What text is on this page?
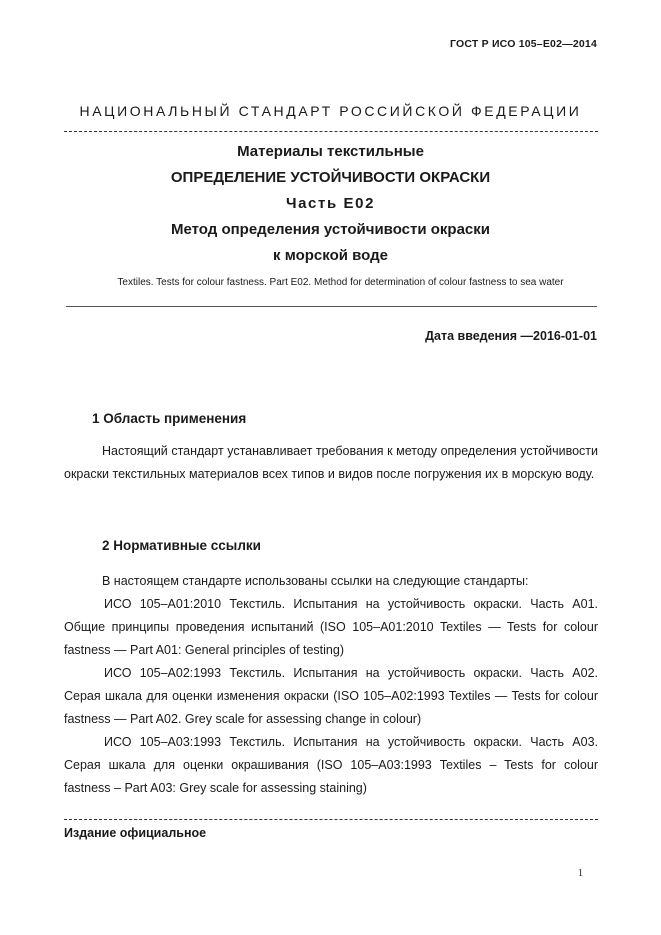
ГОСТ Р ИСО 105–Е02—2014
НАЦИОНАЛЬНЫЙ СТАНДАРТ РОССИЙСКОЙ ФЕДЕРАЦИИ
Материалы текстильные
ОПРЕДЕЛЕНИЕ УСТОЙЧИВОСТИ ОКРАСКИ
Часть Е02
Метод определения устойчивости окраски
к морской воде
Textiles. Tests for colour fastness. Part E02. Method for determination of colour fastness to sea water
Дата введения —2016-01-01
1 Область применения

Настоящий стандарт устанавливает требования к методу определения устойчивости окраски текстильных материалов всех типов и видов после погружения их в морскую воду.

2 Нормативные ссылки

В настоящем стандарте использованы ссылки на следующие стандарты:

ИСО 105–А01:2010 Текстиль. Испытания на устойчивость окраски. Часть А01. Общие принципы проведения испытаний (ISO 105–A01:2010 Textiles — Tests for colour fastness — Part A01: General principles of testing)

ИСО 105–А02:1993 Текстиль. Испытания на устойчивость окраски. Часть А02. Серая шкала для оценки изменения окраски (ISO 105–A02:1993 Textiles — Tests for colour fastness — Part A02. Grey scale for assessing change in colour)

ИСО 105–А03:1993 Текстиль. Испытания на устойчивость окраски. Часть А03. Серая шкала для оценки окрашивания (ISO 105–А03:1993 Textiles – Tests for colour fastness – Part A03: Grey scale for assessing staining)

Издание официальное
1
